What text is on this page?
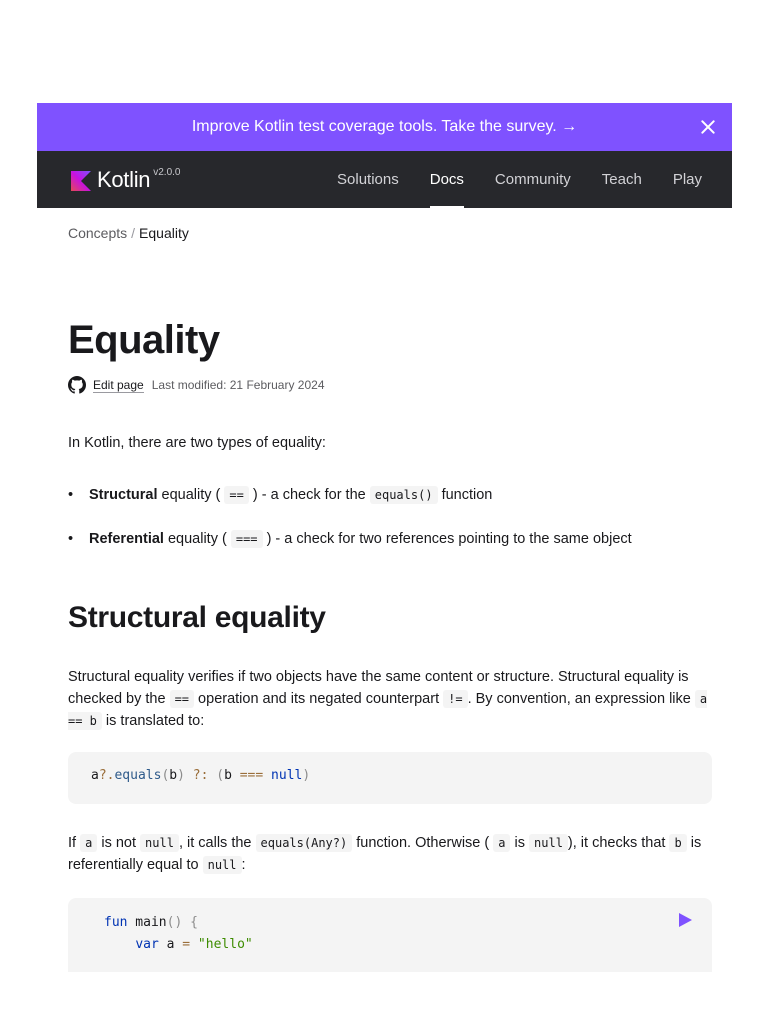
Improve Kotlin test coverage tools. Take the survey. →
Kotlin v2.0.0	Solutions Docs Community Teach Play
Concepts / Equality
Equality
Edit page Last modified: 21 February 2024

In Kotlin, there are two types of equality:

• Structural equality ( == ) - a check for the equals() function
• Referential equality ( === ) - a check for two references pointing to the same object
Structural equality

Structural equality verifies if two objects have the same content or structure. Structural equality is checked by the == operation and its negated counterpart != . By convention, an expression like a == b is translated to:

a?.equals(b) ?: (b === null)

If a is not null , it calls the equals(Any?) function. Otherwise ( a is null ), it checks that b is referentially equal to null :

fun main() {
var a = "hello"
